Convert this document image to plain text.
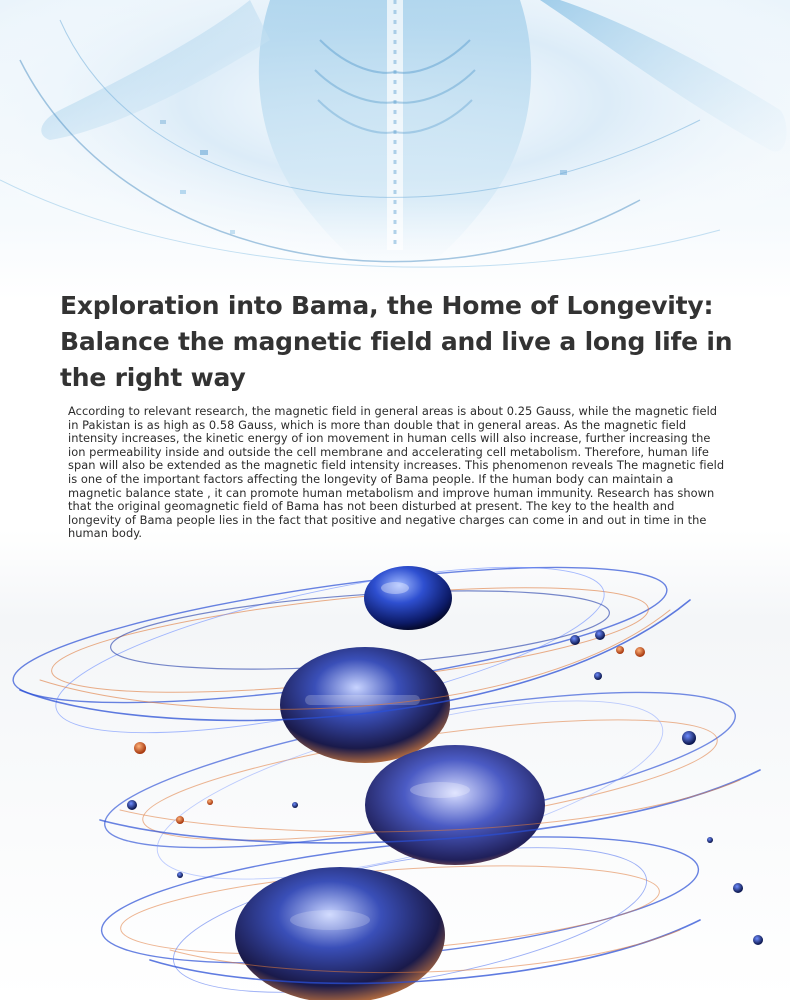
Exploration into Bama, the Home of Longevity: Balance the magnetic field and live a long life in the right way

According to relevant research, the magnetic field in general areas is about 0.25 Gauss, while the magnetic field in Pakistan is as high as 0.58 Gauss, which is more than double that in general areas. As the magnetic field intensity increases, the kinetic energy of ion movement in human cells will also increase, further increasing the ion permeability inside and outside the cell membrane and accelerating cell metabolism. Therefore, human life span will also be extended as the magnetic field intensity increases. This phenomenon reveals The magnetic field is one of the important factors affecting the longevity of Bama people. If the human body can maintain a magnetic balance state , it can promote human metabolism and improve human immunity. Research has shown that the original geomagnetic field of Bama has not been disturbed at present. The key to the health and longevity of Bama people lies in the fact that positive and negative charges can come in and out in time in the human body.
